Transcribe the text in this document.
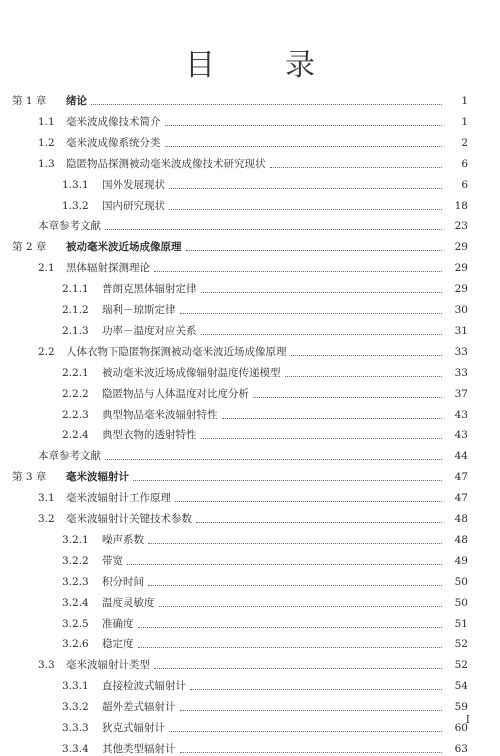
目　录
第 1 章	绪论	1
1.1	毫米波成像技术简介	1
1.2	毫米波成像系统分类	2
1.3	隐匿物品探测被动毫米波成像技术研究现状	6
1.3.1	国外发展现状	6
1.3.2	国内研究现状	18
本章参考文献	23
第 2 章	被动毫米波近场成像原理	29
2.1	黑体辐射探测理论	29
2.1.1	普朗克黑体辐射定律	29
2.1.2	瑞利－琼斯定律	30
2.1.3	功率－温度对应关系	31
2.2	人体衣物下隐匿物探测被动毫米波近场成像原理	33
2.2.1	被动毫米波近场成像辐射温度传递模型	33
2.2.2	隐匿物品与人体温度对比度分析	37
2.2.3	典型物品毫米波辐射特性	43
2.2.4	典型衣物的透射特性	43
本章参考文献	44
第 3 章	毫米波辐射计	47
3.1	毫米波辐射计工作原理	47
3.2	毫米波辐射计关键技术参数	48
3.2.1	噪声系数	48
3.2.2	带宽	49
3.2.3	积分时间	50
3.2.4	温度灵敏度	50
3.2.5	准确度	51
3.2.6	稳定度	52
3.3	毫米波辐射计类型	52
3.3.1	直接检波式辐射计	54
3.3.2	超外差式辐射计	59
3.3.3	狄克式辐射计	60
3.3.4	其他类型辐射计	63
I
